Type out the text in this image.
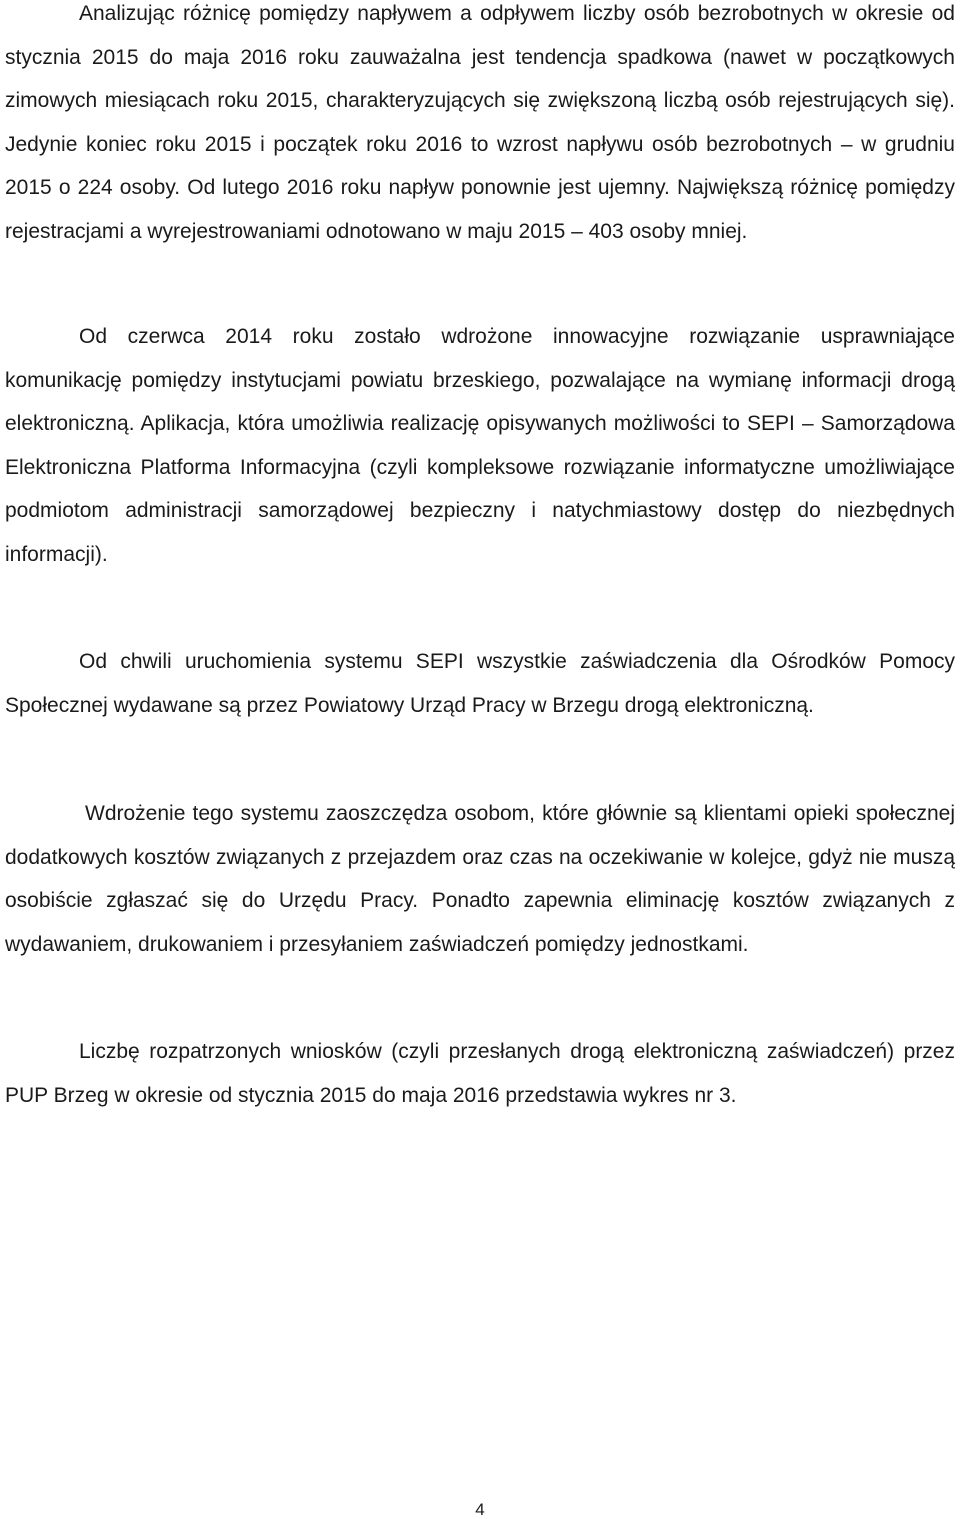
Analizując różnicę pomiędzy napływem a odpływem liczby osób bezrobotnych w okresie od stycznia 2015 do maja 2016 roku zauważalna jest tendencja spadkowa (nawet w początkowych zimowych miesiącach roku 2015, charakteryzujących się zwiększoną liczbą osób rejestrujących się). Jedynie koniec roku 2015 i początek roku 2016 to wzrost napływu osób bezrobotnych – w grudniu 2015 o 224 osoby. Od lutego 2016 roku napływ ponownie jest ujemny. Największą różnicę pomiędzy rejestracjami a wyrejestrowaniami odnotowano w maju 2015 – 403 osoby mniej.

Od czerwca 2014 roku zostało wdrożone innowacyjne rozwiązanie usprawniające komunikację pomiędzy instytucjami powiatu brzeskiego, pozwalające na wymianę informacji drogą elektroniczną. Aplikacja, która umożliwia realizację opisywanych możliwości to SEPI – Samorządowa Elektroniczna Platforma Informacyjna (czyli kompleksowe rozwiązanie informatyczne umożliwiające podmiotom administracji samorządowej bezpieczny i natychmiastowy dostęp do niezbędnych informacji).

Od chwili uruchomienia systemu SEPI wszystkie zaświadczenia dla Ośrodków Pomocy Społecznej wydawane są przez Powiatowy Urząd Pracy w Brzegu drogą elektroniczną.

Wdrożenie tego systemu zaoszczędza osobom, które głównie są klientami opieki społecznej dodatkowych kosztów związanych z przejazdem oraz czas na oczekiwanie w kolejce, gdyż nie muszą osobiście zgłaszać się do Urzędu Pracy. Ponadto zapewnia eliminację kosztów związanych z wydawaniem, drukowaniem i przesyłaniem zaświadczeń pomiędzy jednostkami.

Liczbę rozpatrzonych wniosków (czyli przesłanych drogą elektroniczną zaświadczeń) przez PUP Brzeg w okresie od stycznia 2015 do maja 2016 przedstawia wykres nr 3.

4
